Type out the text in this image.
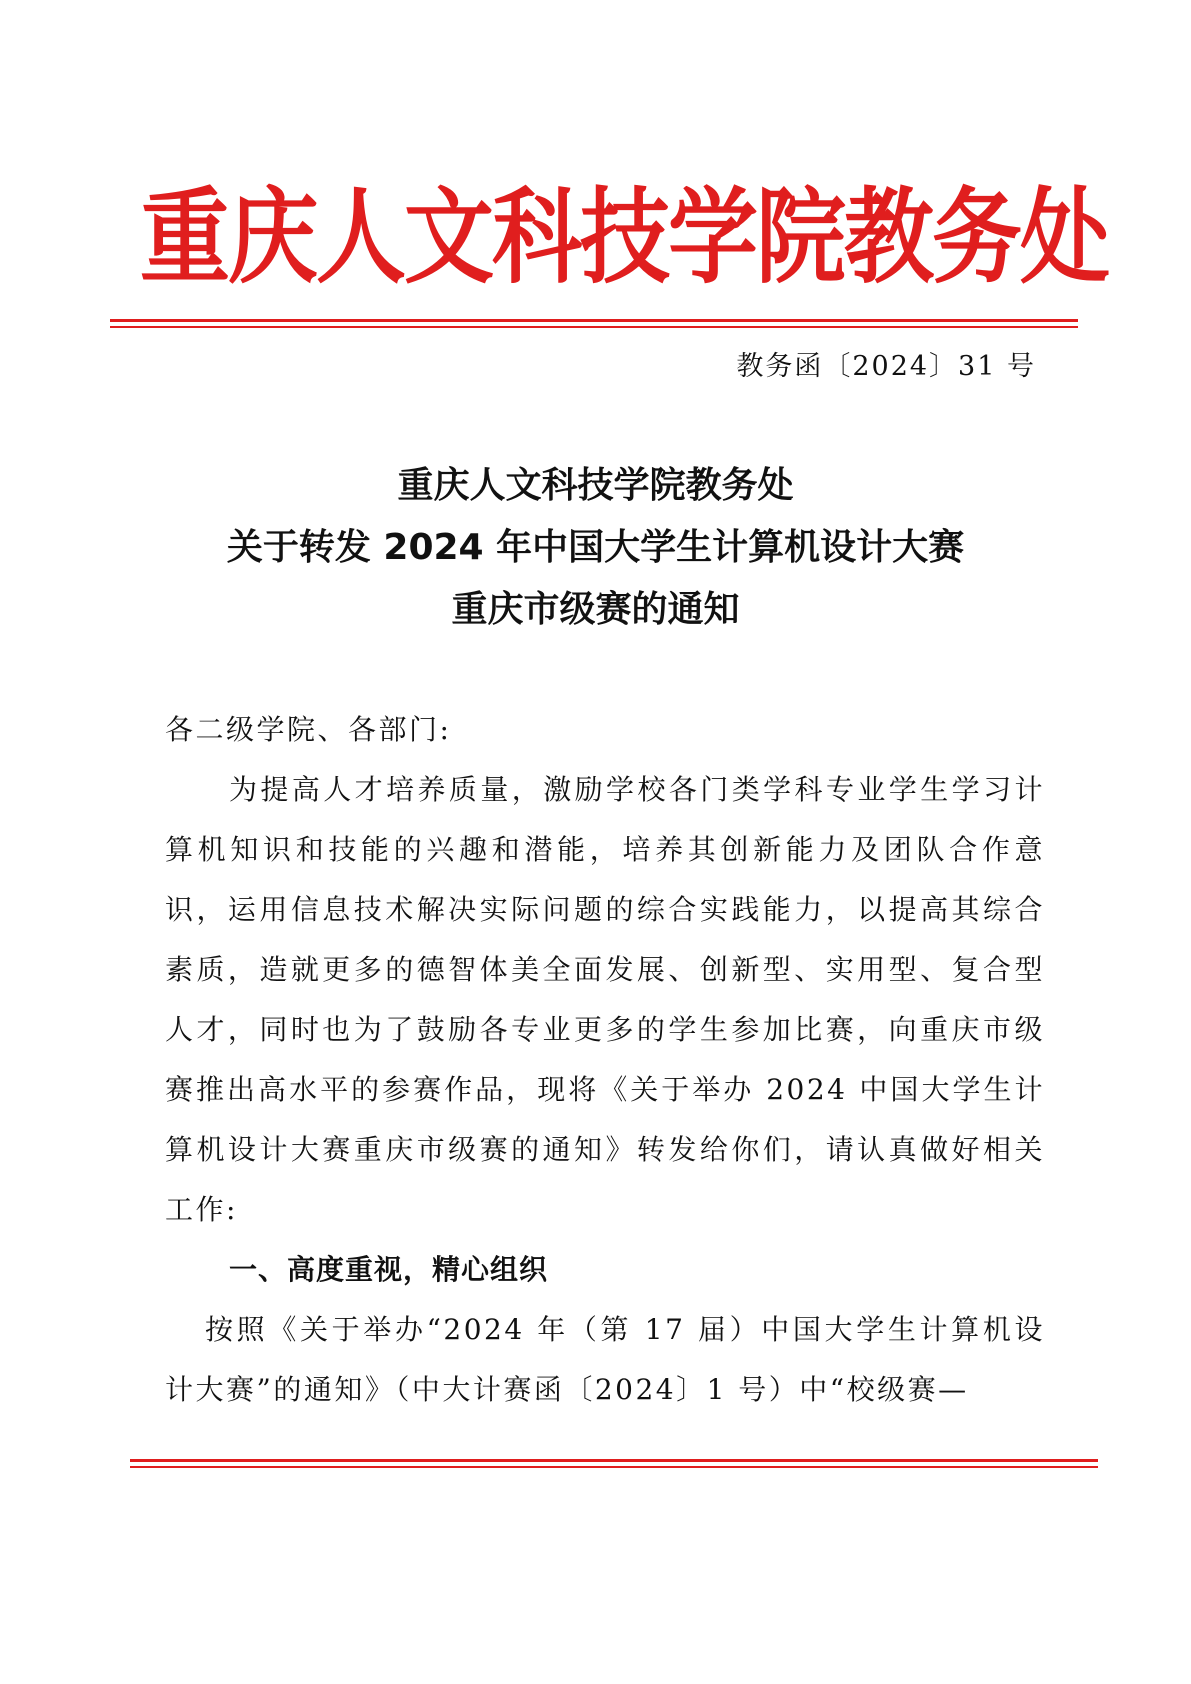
重庆人文科技学院教务处
教务函〔2024〕31 号
重庆人文科技学院教务处
关于转发 2024 年中国大学生计算机设计大赛
重庆市级赛的通知
各二级学院、各部门:
为提高人才培养质量，激励学校各门类学科专业学生学习计算机知识和技能的兴趣和潜能，培养其创新能力及团队合作意识，运用信息技术解决实际问题的综合实践能力，以提高其综合素质，造就更多的德智体美全面发展、创新型、实用型、复合型人才，同时也为了鼓励各专业更多的学生参加比赛，向重庆市级赛推出高水平的参赛作品，现将《关于举办 2024 中国大学生计算机设计大赛重庆市级赛的通知》转发给你们，请认真做好相关工作:
一、高度重视，精心组织
按照《关于举办“2024 年（第 17 届）中国大学生计算机设计大赛”的通知》（中大计赛函〔2024〕1 号）中“校级赛—
